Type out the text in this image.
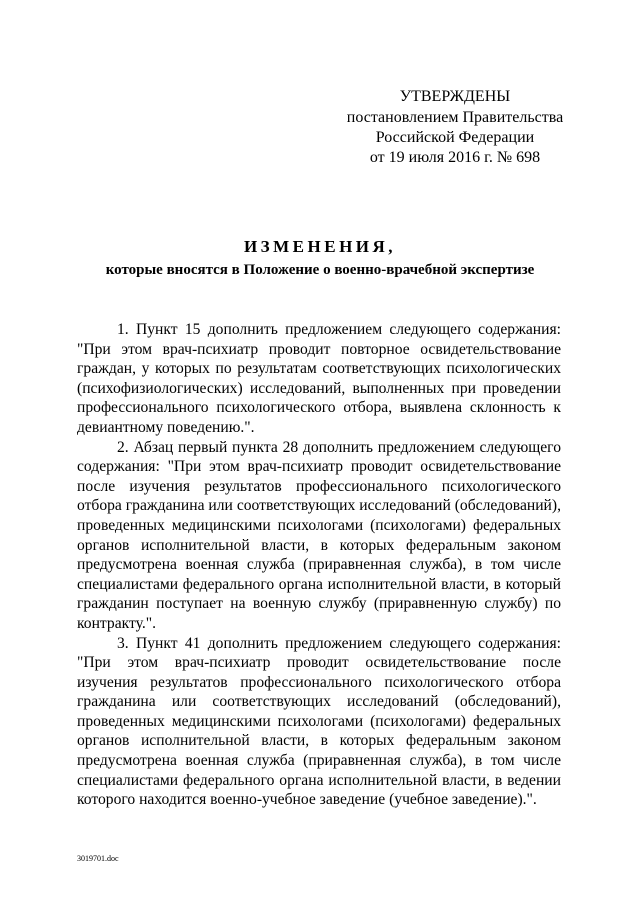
УТВЕРЖДЕНЫ
постановлением Правительства
Российской Федерации
от 19 июля 2016 г. № 698
ИЗМЕНЕНИЯ,
которые вносятся в Положение о военно-врачебной экспертизе

1. Пункт 15 дополнить предложением следующего содержания: "При этом врач-психиатр проводит повторное освидетельствование граждан, у которых по результатам соответствующих психологических (психофизиологических) исследований, выполненных при проведении профессионального психологического отбора, выявлена склонность к девиантному поведению.".

2. Абзац первый пункта 28 дополнить предложением следующего содержания: "При этом врач-психиатр проводит освидетельствование после изучения результатов профессионального психологического отбора гражданина или соответствующих исследований (обследований), проведенных медицинскими психологами (психологами) федеральных органов исполнительной власти, в которых федеральным законом предусмотрена военная служба (приравненная служба), в том числе специалистами федерального органа исполнительной власти, в который гражданин поступает на военную службу (приравненную службу) по контракту.".

3. Пункт 41 дополнить предложением следующего содержания: "При этом врач-психиатр проводит освидетельствование после изучения результатов профессионального психологического отбора гражданина или соответствующих исследований (обследований), проведенных медицинскими психологами (психологами) федеральных органов исполнительной власти, в которых федеральным законом предусмотрена военная служба (приравненная служба), в том числе специалистами федерального органа исполнительной власти, в ведении которого находится военно-учебное заведение (учебное заведение).".

3019701.doc
